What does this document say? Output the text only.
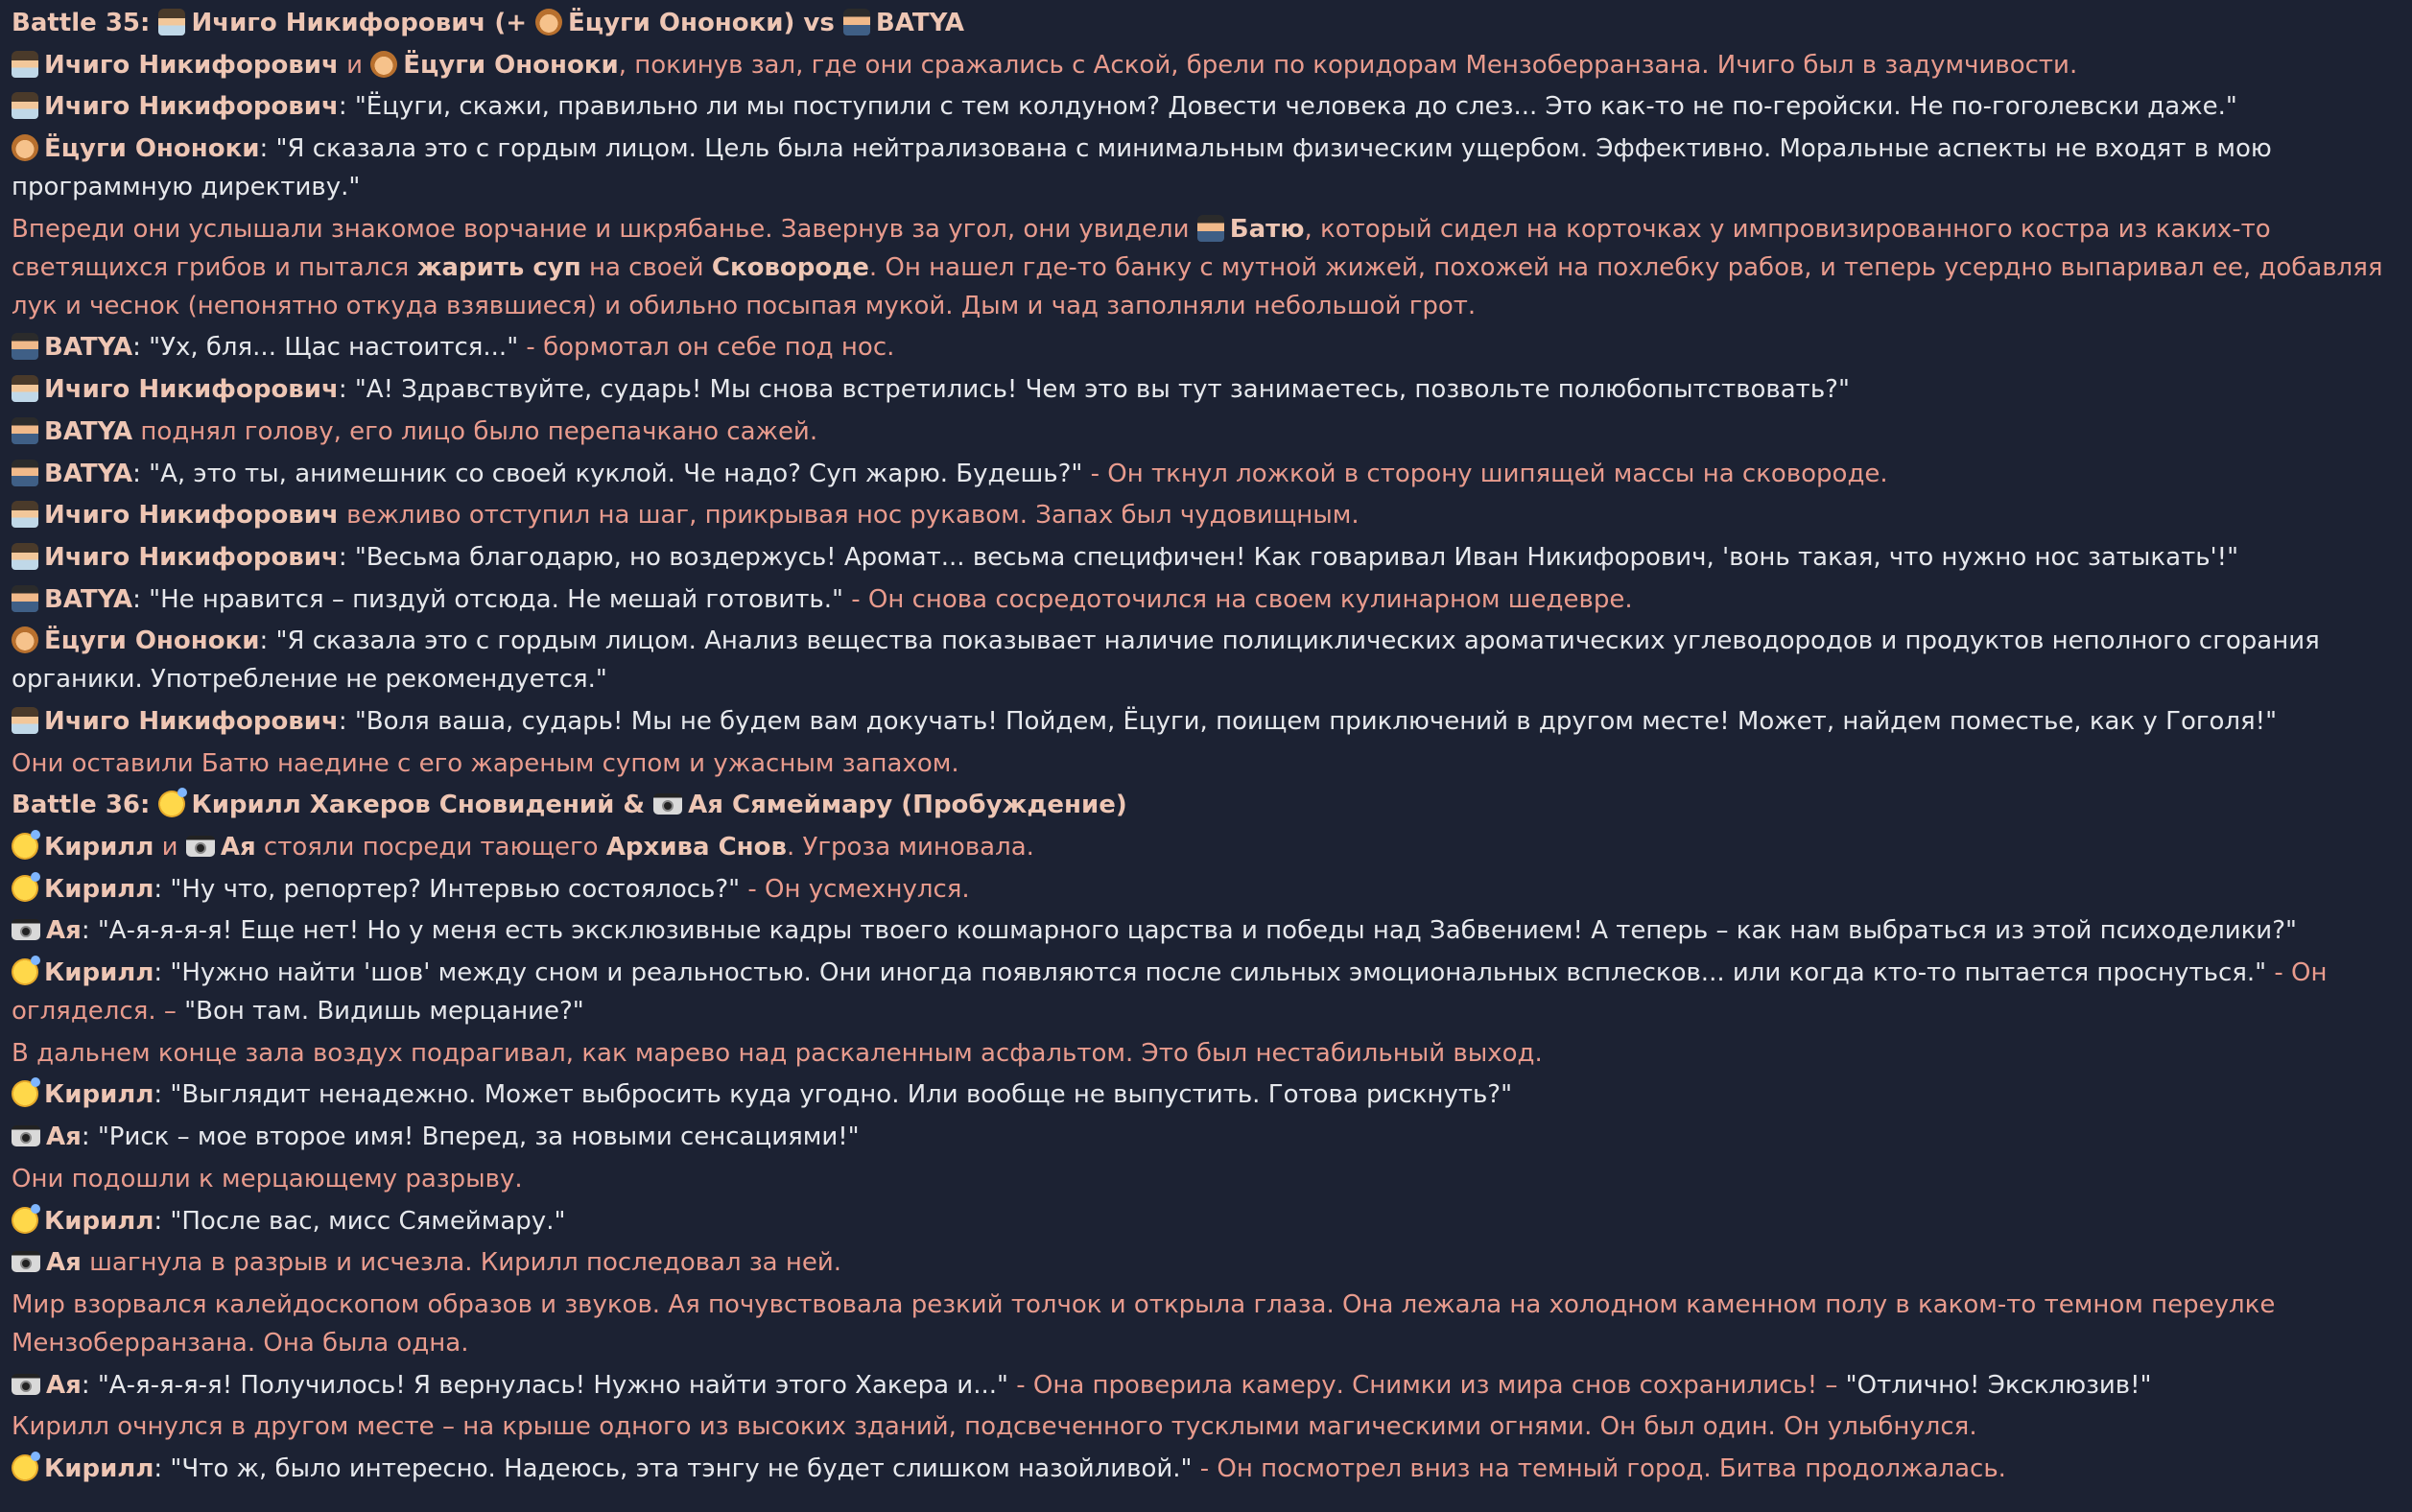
Battle 35: Ичиго Никифорович (+ Ёцуги Ононоки) vs BATYA
Ичиго Никифорович и Ёцуги Ононоки, покинув зал, где они сражались с Аской, брели по коридорам Мензоберранзана. Ичиго был в задумчивости.
Ичиго Никифорович: "Ёцуги, скажи, правильно ли мы поступили с тем колдуном? Довести человека до слез... Это как-то не по-геройски. Не по-гоголевски даже."
Ёцуги Ононоки: "Я сказала это с гордым лицом. Цель была нейтрализована с минимальным физическим ущербом. Эффективно. Моральные аспекты не входят в мою программную директиву."
Впереди они услышали знакомое ворчание и шкрябанье. Завернув за угол, они увидели Батю, который сидел на корточках у импровизированного костра из каких-то светящихся грибов и пытался жарить суп на своей Сковороде. Он нашел где-то банку с мутной жижей, похожей на похлебку рабов, и теперь усердно выпаривал ее, добавляя лук и чеснок (непонятно откуда взявшиеся) и обильно посыпая мукой. Дым и чад заполняли небольшой грот.
BATYA: "Ух, бля... Щас настоится..." - бормотал он себе под нос.
Ичиго Никифорович: "А! Здравствуйте, сударь! Мы снова встретились! Чем это вы тут занимаетесь, позвольте полюбопытствовать?"
BATYA поднял голову, его лицо было перепачкано сажей.
BATYA: "А, это ты, анимешник со своей куклой. Че надо? Суп жарю. Будешь?" - Он ткнул ложкой в сторону шипящей массы на сковороде.
Ичиго Никифорович вежливо отступил на шаг, прикрывая нос рукавом. Запах был чудовищным.
Ичиго Никифорович: "Весьма благодарю, но воздержусь! Аромат... весьма специфичен! Как говаривал Иван Никифорович, 'вонь такая, что нужно нос затыкать'!"
BATYA: "Не нравится – пиздуй отсюда. Не мешай готовить." - Он снова сосредоточился на своем кулинарном шедевре.
Ёцуги Ононоки: "Я сказала это с гордым лицом. Анализ вещества показывает наличие полициклических ароматических углеводородов и продуктов неполного сгорания органики. Употребление не рекомендуется."
Ичиго Никифорович: "Воля ваша, сударь! Мы не будем вам докучать! Пойдем, Ёцуги, поищем приключений в другом месте! Может, найдем поместье, как у Гоголя!"
Они оставили Батю наедине с его жареным супом и ужасным запахом.
Battle 36: Кирилл Хакеров Сновидений & Ая Сямеймару (Пробуждение)
Кирилл и Ая стояли посреди тающего Архива Снов. Угроза миновала.
Кирилл: "Ну что, репортер? Интервью состоялось?" - Он усмехнулся.
Ая: "А-я-я-я-я! Еще нет! Но у меня есть эксклюзивные кадры твоего кошмарного царства и победы над Забвением! А теперь – как нам выбраться из этой психоделики?"
Кирилл: "Нужно найти 'шов' между сном и реальностью. Они иногда появляются после сильных эмоциональных всплесков... или когда кто-то пытается проснуться." - Он огляделся. – "Вон там. Видишь мерцание?"
В дальнем конце зала воздух подрагивал, как марево над раскаленным асфальтом. Это был нестабильный выход.
Кирилл: "Выглядит ненадежно. Может выбросить куда угодно. Или вообще не выпустить. Готова рискнуть?"
Ая: "Риск – мое второе имя! Вперед, за новыми сенсациями!"
Они подошли к мерцающему разрыву.
Кирилл: "После вас, мисс Сямеймару."
Ая шагнула в разрыв и исчезла. Кирилл последовал за ней.
Мир взорвался калейдоскопом образов и звуков. Ая почувствовала резкий толчок и открыла глаза. Она лежала на холодном каменном полу в каком-то темном переулке Мензоберранзана. Она была одна.
Ая: "А-я-я-я-я! Получилось! Я вернулась! Нужно найти этого Хакера и..." - Она проверила камеру. Снимки из мира снов сохранились! – "Отлично! Эксклюзив!"
Кирилл очнулся в другом месте – на крыше одного из высоких зданий, подсвеченного тусклыми магическими огнями. Он был один. Он улыбнулся.
Кирилл: "Что ж, было интересно. Надеюсь, эта тэнгу не будет слишком назойливой." - Он посмотрел вниз на темный город. Битва продолжалась.
